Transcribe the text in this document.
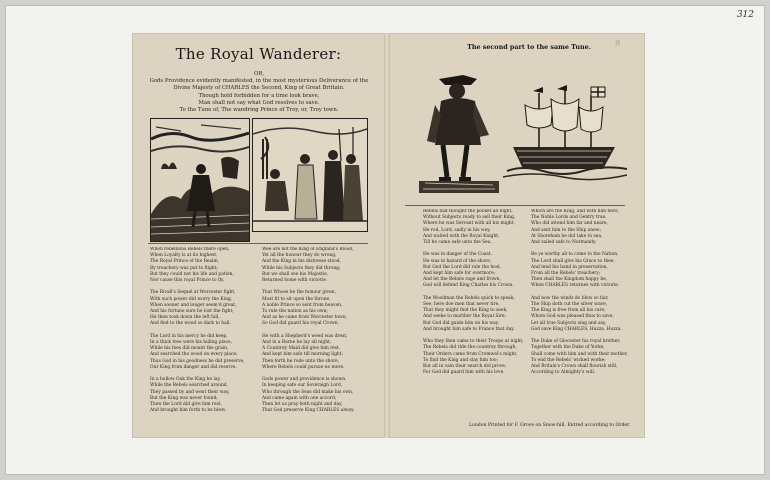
312
The Royal Wanderer:
OR,
Gods Providence evidently manifested, in the most mysterious Deliverance of the
Divine Majesty of CHARLES the Second, King of Great Brittain.
Though hold forbidden for a time look brave,
Man shall not say what God resolves to save.
To the Tune of, The wandring Prince of Troy, or, Troy town.
When rebellious Rebels there open,
When Loyalty is at its highest,
The Royal Prince of the Realm,
By treachery was put to flight;
But they could not his life and patien,
Nor cause this royal Prince to fly.

The Rivall's Sequel at Worcester fight,
With such power did worry the King,
When sooner and longer seem'd great,
And his fortune sure he lost the fight;
He then took down the left fall,
And fled to the wood so dark to hall.

The Lord in his mercy he did keep,
In a thick tree were his hiding place,
While his foes did mount the grain,
And searched the wood on every place;
Thus God in his goodness he did preserve,
Our King from danger and did reserve.

In a hollow Oak the King he lay,
While the Rebels searched around,
They passed by and went their way,
But the King was never found;
Then the Lord did give him rest,
And brought him forth to be blest.
Wee are not the King of England's Blood,
Yet all the honour they do wrong,
And the King in his distresse stood,
While his Subjects they did throng;
But we shall see his Majestie,
Returned home with victorie.

That Whose be the honour given,
Most fit to sit upon the throne,
A noble Prince so sent from heaven,
To rule the nation as his own;
And as he came from Worcester town,
So God did guard his royal Crown.

He with a Shepherd's weed was drest,
And in a Barne he lay all night,
A Countrey Maid did give him rest,
And kept him safe till morning light;
Then forth he rode unto the shore,
Where Rebels could pursue no more.

Gods power and providence is shown,
In keeping safe our Soveraign Lord,
Who through the Seas did make his own,
And came again with one accord;
Then let us pray both night and day,
That God preserve King CHARLES alway.
The second part to the same Tune.	9
Rebels had thought the pocket all night,
Without Subjects ready to sell their King,
Where he was Servant with all his might,
He rod, Lord, sadly in his way,
And waited with the Royal Knight,
Till he came safe unto the Sea.

He was in danger of the Coast,
He was in hazard of the shore,
But God the Lord did rule the host,
And kept him safe for evermore;
And let the Rebels rage and frown,
God will defend King Charles his Crown.

The Woodman the Rebels quick to speak,
See, here doe men that never tire,
That they might find the King to seek,
And seeke to murther the Royal Sire;
But God did guide him on his way,
And brought him safe to France that day.

Who they then came to their Troops at night,
The Rebels did ride the countrey through,
Their Orders came from Cromwel's might,
To find the King and slay him too;
But all in vain their search did prove,
For God did guard him with his love.
Which are the King, and with him here,
The Noble Lords and Gentry true,
Who did attend him far and neare,
And sent him to the Ship anew;
At Shoreham he did take to sea,
And sailed safe to Normandy.

Be ye worthy all to come to the Nation,
The Lord shall give his Grace to thee,
And lend his hand in preservation,
From all the Rebels' treachery;
Then shall the Kingdom happy be,
When CHARLES returnes with victorie.

And now the winds do blow so fair,
The Ship doth cut the silver wave,
The King is free from all his care,
Whom God was pleased thus to save;
Let all true Subjects sing and say,
God save King CHARLES, Huzza, Huzza.

The Duke of Glocester his royal brother,
Together with the Duke of Yorke,
Shall come with him and with their mother,
To end the Rebels' wicked worke;
And Britain's Crown shall flourish still,
According to Almighty's will.
London Printed for F. Grove on Snow-hill. Entred according to Order.
